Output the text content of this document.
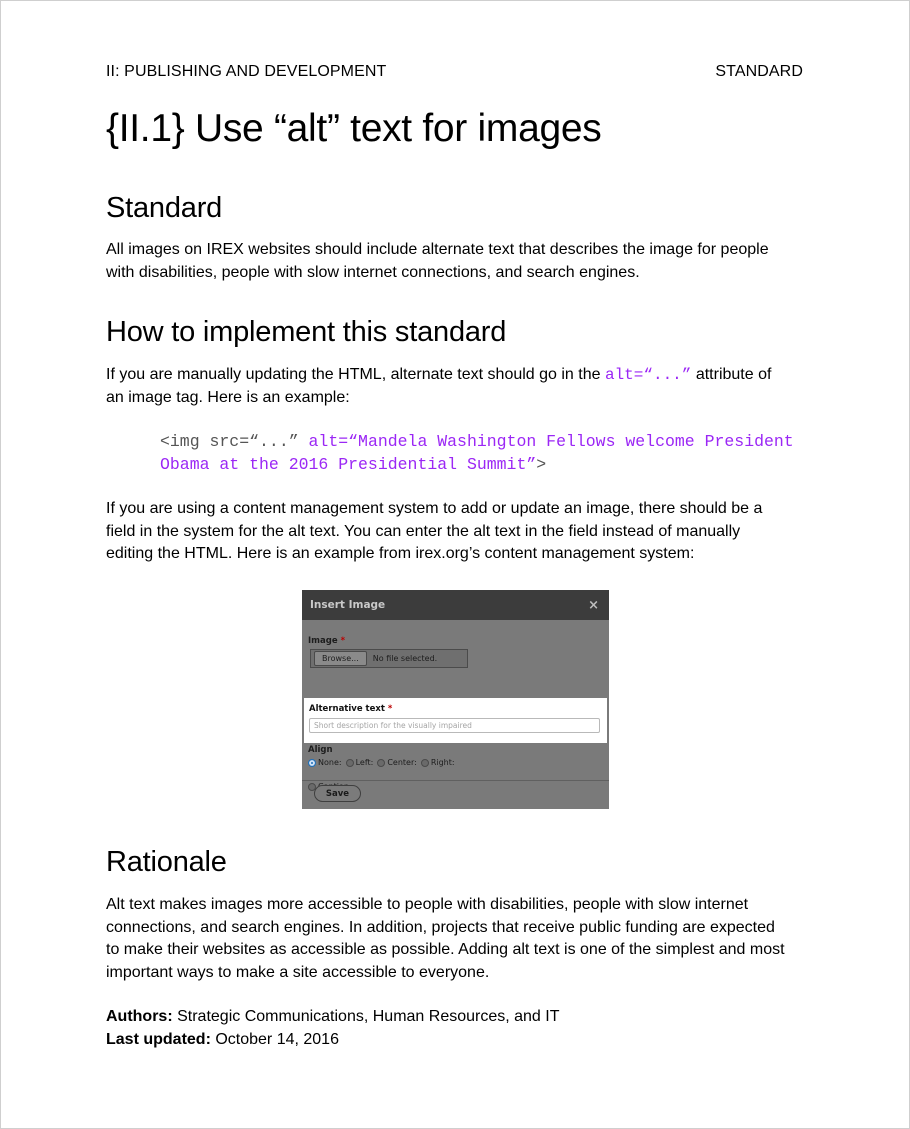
II: PUBLISHING AND DEVELOPMENT	STANDARD
{II.1} Use “alt” text for images
Standard

All images on IREX websites should include alternate text that describes the image for people
with disabilities, people with slow internet connections, and search engines.

How to implement this standard

If you are manually updating the HTML, alternate text should go in the alt=“...” attribute of
an image tag. Here is an example:

<img src=“...” alt=“Mandela Washington Fellows welcome President
Obama at the 2016 Presidential Summit”>

If you are using a content management system to add or update an image, there should be a
field in the system for the alt text. You can enter the alt text in the field instead of manually
editing the HTML. Here is an example from irex.org’s content management system:

Insert Image	×
Image *
Browse...	No file selected.
Alternative text *
Short description for the visually impaired
Align
None: Left: Center: Right:
Save
Rationale

Alt text makes images more accessible to people with disabilities, people with slow internet
connections, and search engines. In addition, projects that receive public funding are expected
to make their websites as accessible as possible. Adding alt text is one of the simplest and most
important ways to make a site accessible to everyone.

Authors: Strategic Communications, Human Resources, and IT
Last updated: October 14, 2016
